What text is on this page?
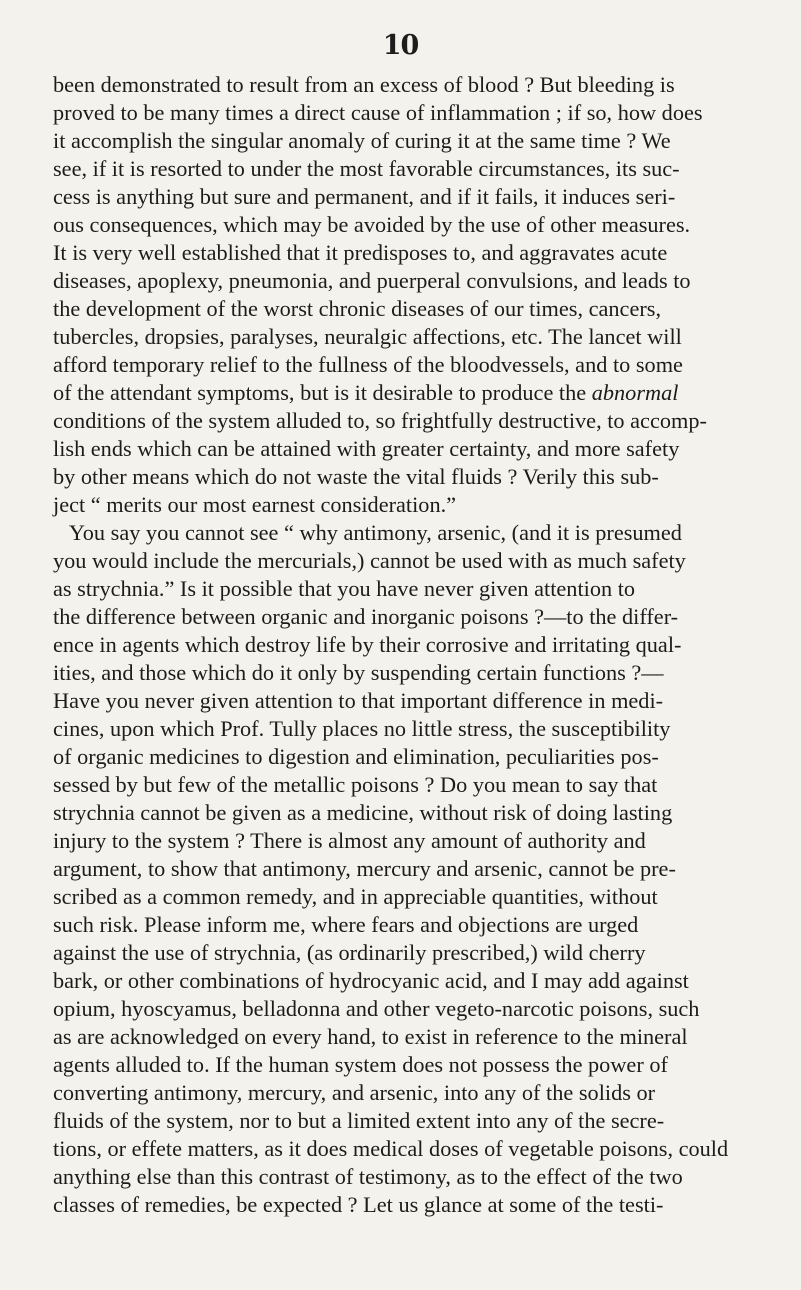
10
been demonstrated to result from an excess of blood ? But bleeding is
proved to be many times a direct cause of inflammation ; if so, how does
it accomplish the singular anomaly of curing it at the same time ? We
see, if it is resorted to under the most favorable circumstances, its suc-
cess is anything but sure and permanent, and if it fails, it induces seri-
ous consequences, which may be avoided by the use of other measures.
It is very well established that it predisposes to, and aggravates acute
diseases, apoplexy, pneumonia, and puerperal convulsions, and leads to
the development of the worst chronic diseases of our times, cancers,
tubercles, dropsies, paralyses, neuralgic affections, etc. The lancet will
afford temporary relief to the fullness of the bloodvessels, and to some
of the attendant symptoms, but is it desirable to produce the abnormal
conditions of the system alluded to, so frightfully destructive, to accomp-
lish ends which can be attained with greater certainty, and more safety
by other means which do not waste the vital fluids ? Verily this sub-
ject “ merits our most earnest consideration.”
You say you cannot see “ why antimony, arsenic, (and it is presumed
you would include the mercurials,) cannot be used with as much safety
as strychnia.” Is it possible that you have never given attention to
the difference between organic and inorganic poisons ?—to the differ-
ence in agents which destroy life by their corrosive and irritating qual-
ities, and those which do it only by suspending certain functions ?—
Have you never given attention to that important difference in medi-
cines, upon which Prof. Tully places no little stress, the susceptibility
of organic medicines to digestion and elimination, peculiarities pos-
sessed by but few of the metallic poisons ? Do you mean to say that
strychnia cannot be given as a medicine, without risk of doing lasting
injury to the system ? There is almost any amount of authority and
argument, to show that antimony, mercury and arsenic, cannot be pre-
scribed as a common remedy, and in appreciable quantities, without
such risk. Please inform me, where fears and objections are urged
against the use of strychnia, (as ordinarily prescribed,) wild cherry
bark, or other combinations of hydrocyanic acid, and I may add against
opium, hyoscyamus, belladonna and other vegeto-narcotic poisons, such
as are acknowledged on every hand, to exist in reference to the mineral
agents alluded to. If the human system does not possess the power of
converting antimony, mercury, and arsenic, into any of the solids or
fluids of the system, nor to but a limited extent into any of the secre-
tions, or effete matters, as it does medical doses of vegetable poisons, could
anything else than this contrast of testimony, as to the effect of the two
classes of remedies, be expected ? Let us glance at some of the testi-
